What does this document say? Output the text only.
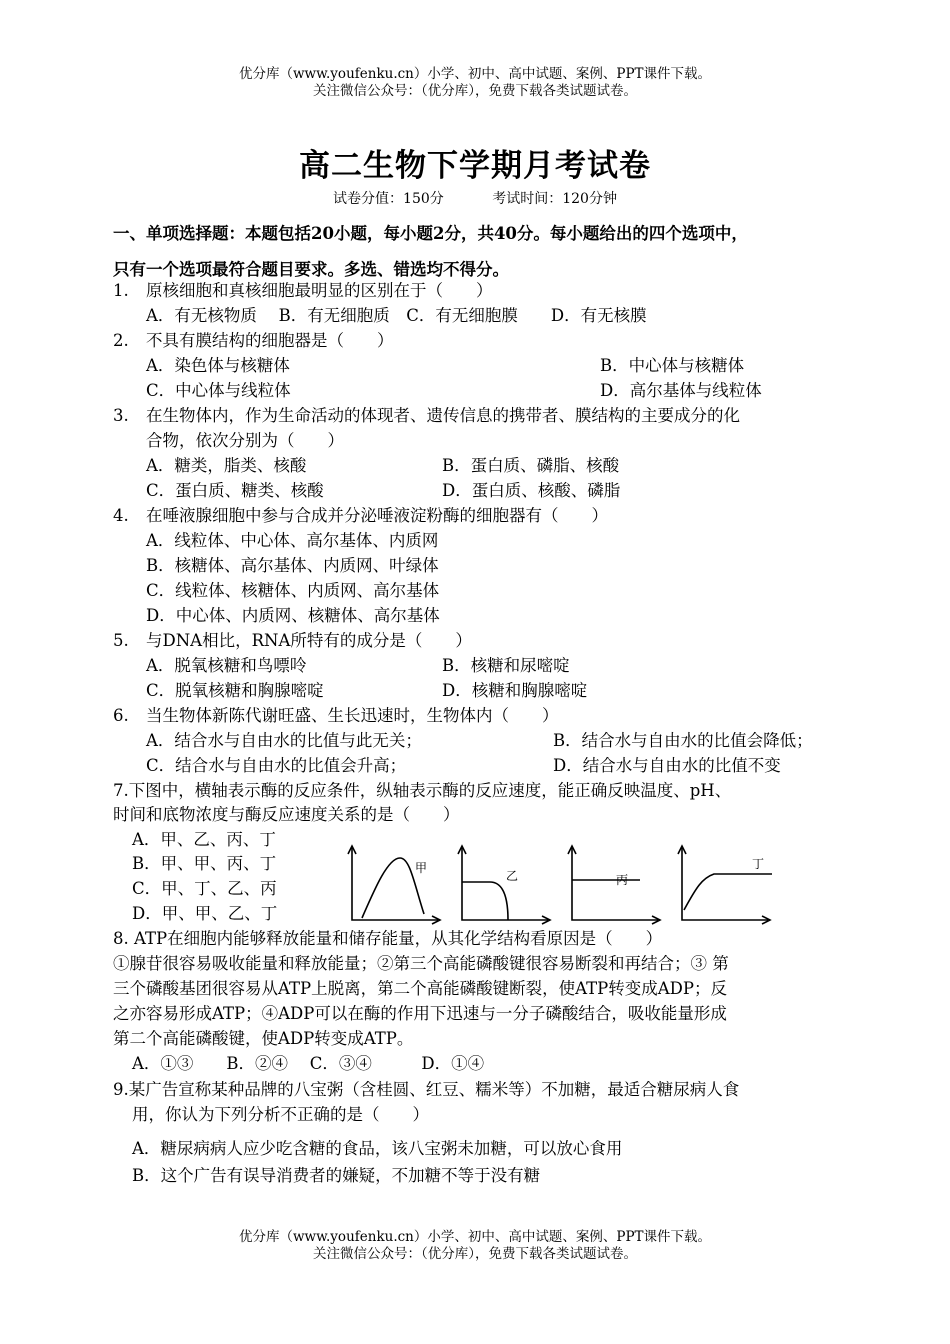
优分库（www.youfenku.cn）小学、初中、高中试题、案例、PPT课件下载。
关注微信公众号：（优分库），免费下载各类试题试卷。
高二生物下学期月考试卷
试卷分值：150分	考试时间：120分钟
一、单项选择题：本题包括20小题，每小题2分，共40分。每小题给出的四个选项中，
只有一个选项最符合题目要求。多选、错选均不得分。
1. 原核细胞和真核细胞最明显的区别在于（　　）
A．有无核物质　 B．有无细胞质　C．有无细胞膜　　D．有无核膜
2. 不具有膜结构的细胞器是（　　）
A．染色体与核糖体	B．中心体与核糖体
C．中心体与线粒体	D．高尔基体与线粒体
3. 在生物体内，作为生命活动的体现者、遗传信息的携带者、膜结构的主要成分的化
合物，依次分别为（　　）
A．糖类，脂类、核酸	B．蛋白质、磷脂、核酸
C．蛋白质、糖类、核酸	D．蛋白质、核酸、磷脂
4. 在唾液腺细胞中参与合成并分泌唾液淀粉酶的细胞器有（　　）
A．线粒体、中心体、高尔基体、内质网
B．核糖体、高尔基体、内质网、叶绿体
C．线粒体、核糖体、内质网、高尔基体
D．中心体、内质网、核糖体、高尔基体
5. 与DNA相比，RNA所特有的成分是（　　）
A．脱氧核糖和鸟嘌呤	B．核糖和尿嘧啶
C．脱氧核糖和胸腺嘧啶	D．核糖和胸腺嘧啶
6. 当生物体新陈代谢旺盛、生长迅速时，生物体内（　　）
A．结合水与自由水的比值与此无关；	B．结合水与自由水的比值会降低；
C．结合水与自由水的比值会升高；	D．结合水与自由水的比值不变
7.下图中，横轴表示酶的反应条件，纵轴表示酶的反应速度，能正确反映温度、pH、
时间和底物浓度与酶反应速度关系的是（　　）
A．甲、乙、丙、丁
B．甲、甲、丙、丁
C．甲、丁、乙、丙
D．甲、甲、乙、丁
甲
乙	丙
丁
8. ATP在细胞内能够释放能量和储存能量，从其化学结构看原因是（　　）
①腺苷很容易吸收能量和释放能量；②第三个高能磷酸键很容易断裂和再结合；③ 第
三个磷酸基团很容易从ATP上脱离，第二个高能磷酸键断裂，使ATP转变成ADP；反
之亦容易形成ATP；④ADP可以在酶的作用下迅速与一分子磷酸结合，吸收能量形成
第二个高能磷酸键，使ADP转变成ATP。
A．①③　　B．②④　 C．③④　　　D．①④
9.某广告宣称某种品牌的八宝粥（含桂圆、红豆、糯米等）不加糖，最适合糖尿病人食
用，你认为下列分析不正确的是（　　）
A．糖尿病病人应少吃含糖的食品，该八宝粥未加糖，可以放心食用
B．这个广告有误导消费者的嫌疑，不加糖不等于没有糖
优分库（www.youfenku.cn）小学、初中、高中试题、案例、PPT课件下载。
关注微信公众号：（优分库），免费下载各类试题试卷。
